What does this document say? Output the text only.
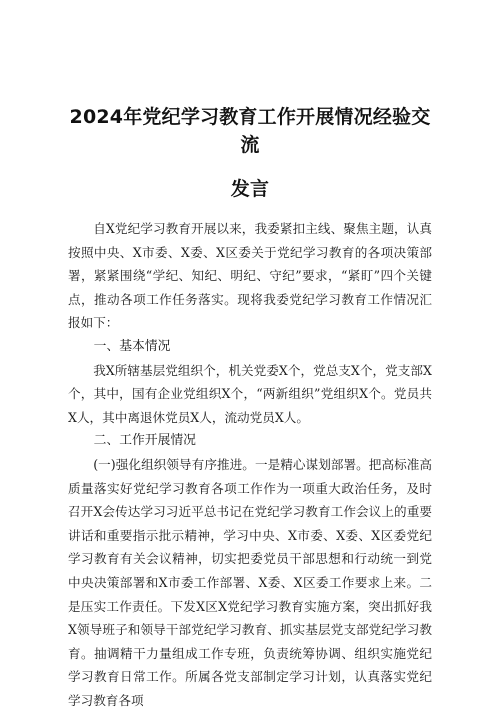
2024年党纪学习教育工作开展情况经验交流
发言

自X党纪学习教育开展以来，我委紧扣主线、聚焦主题，认真按照中央、X市委、X委、X区委关于党纪学习教育的各项决策部署，紧紧围绕“学纪、知纪、明纪、守纪”要求，“紧盯”四个关键点，推动各项工作任务落实。现将我委党纪学习教育工作情况汇报如下：

一、基本情况

我X所辖基层党组织个，机关党委X个，党总支X个，党支部X个，其中，国有企业党组织X个，“两新组织”党组织X个。党员共X人，其中离退休党员X人，流动党员X人。

二、工作开展情况

(一)强化组织领导有序推进。一是精心谋划部署。把高标准高质量落实好党纪学习教育各项工作作为一项重大政治任务，及时召开X会传达学习习近平总书记在党纪学习教育工作会议上的重要讲话和重要指示批示精神，学习中央、X市委、X委、X区委党纪学习教育有关会议精神，切实把委党员干部思想和行动统一到党中央决策部署和X市委工作部署、X委、X区委工作要求上来。二是压实工作责任。下发X区X党纪学习教育实施方案，突出抓好我X领导班子和领导干部党纪学习教育、抓实基层党支部党纪学习教育。抽调精干力量组成工作专班，负责统筹协调、组织实施党纪学习教育日常工作。所属各党支部制定学习计划，认真落实党纪学习教育各项
